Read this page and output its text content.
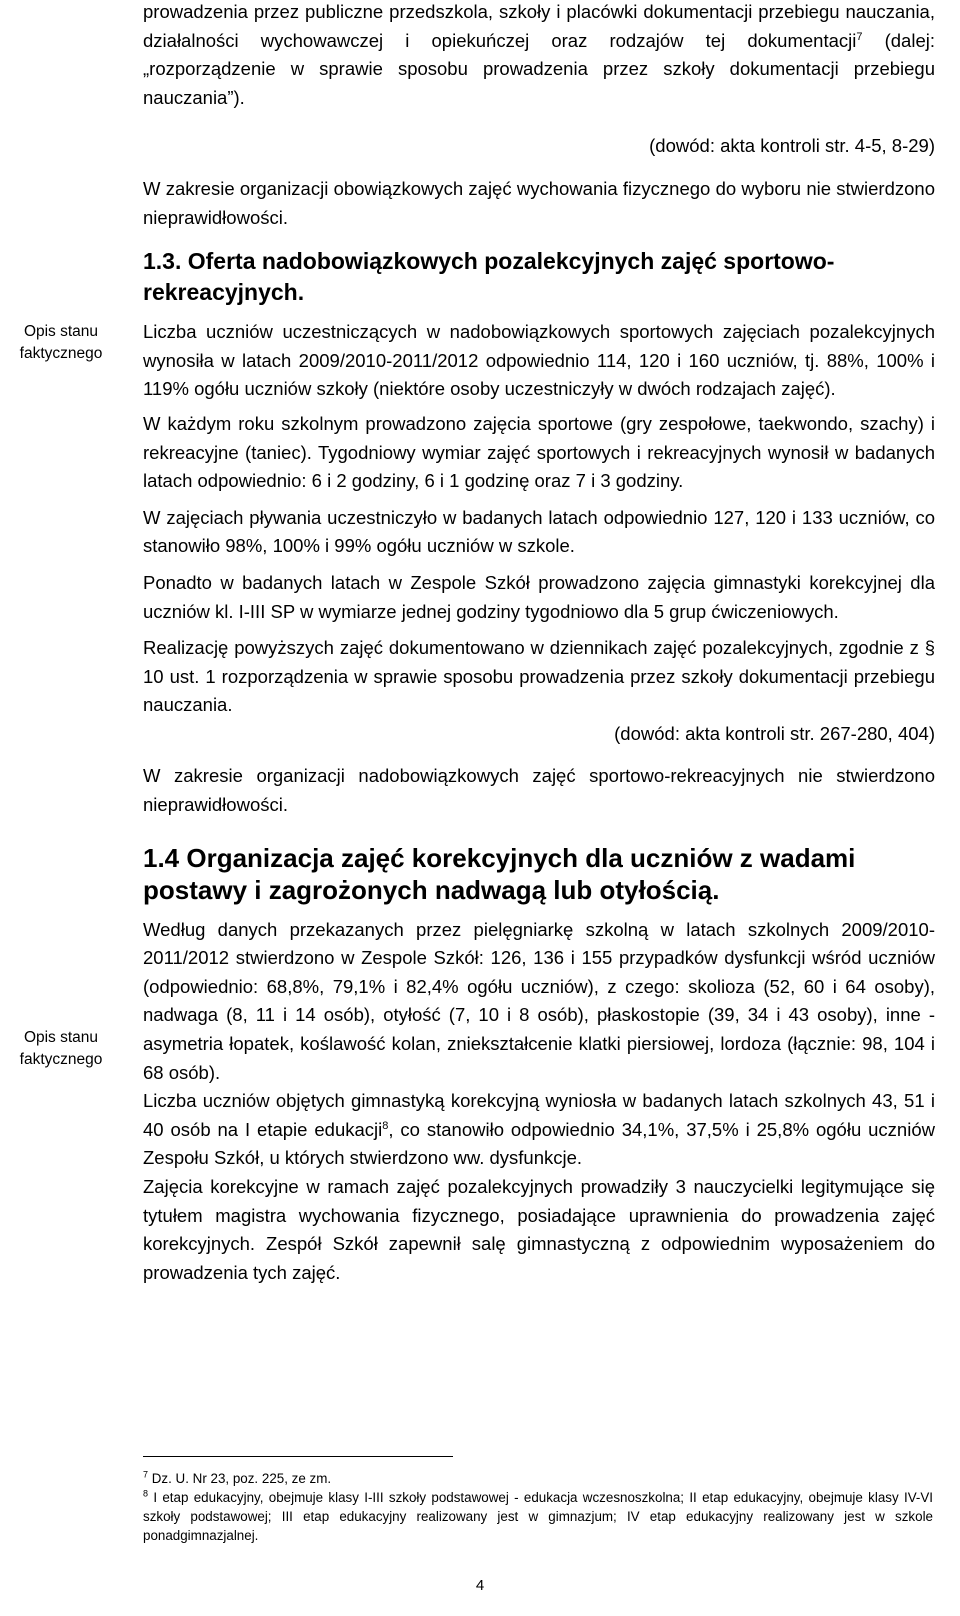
Opis stanu
faktycznego
Opis stanu
faktycznego

prowadzenia przez publiczne przedszkola, szkoły i placówki dokumentacji przebiegu nauczania, działalności wychowawczej i opiekuńczej oraz rodzajów tej dokumentacji$^7$ (dalej: „rozporządzenie w sprawie sposobu prowadzenia przez szkoły dokumentacji przebiegu nauczania”).

(dowód: akta kontroli str. 4-5, 8-29)

W zakresie organizacji obowiązkowych zajęć wychowania fizycznego do wyboru nie stwierdzono nieprawidłowości.

1.3. Oferta nadobowiązkowych pozalekcyjnych zajęć sportowo-rekreacyjnych.

Liczba uczniów uczestniczących w nadobowiązkowych sportowych zajęciach pozalekcyjnych wynosiła w latach 2009/2010-2011/2012 odpowiednio 114, 120 i 160 uczniów, tj. 88%, 100% i 119% ogółu uczniów szkoły (niektóre osoby uczestniczyły w dwóch rodzajach zajęć).

W każdym roku szkolnym prowadzono zajęcia sportowe (gry zespołowe, taekwondo, szachy) i rekreacyjne (taniec). Tygodniowy wymiar zajęć sportowych i rekreacyjnych wynosił w badanych latach odpowiednio: 6 i 2 godziny, 6 i 1 godzinę oraz 7 i 3 godziny.

W zajęciach pływania uczestniczyło w badanych latach odpowiednio 127, 120 i 133 uczniów, co stanowiło 98%, 100% i 99% ogółu uczniów w szkole.

Ponadto w badanych latach w Zespole Szkół prowadzono zajęcia gimnastyki korekcyjnej dla uczniów kl. I-III SP w wymiarze jednej godziny tygodniowo dla 5 grup ćwiczeniowych.

Realizację powyższych zajęć dokumentowano w dziennikach zajęć pozalekcyjnych, zgodnie z § 10 ust. 1 rozporządzenia w sprawie sposobu prowadzenia przez szkoły dokumentacji przebiegu nauczania.

(dowód: akta kontroli str. 267-280, 404)

W zakresie organizacji nadobowiązkowych zajęć sportowo-rekreacyjnych nie stwierdzono nieprawidłowości.

1.4 Organizacja zajęć korekcyjnych dla uczniów z wadami postawy i zagrożonych nadwagą lub otyłością.

Według danych przekazanych przez pielęgniarkę szkolną w latach szkolnych 2009/2010-2011/2012 stwierdzono w Zespole Szkół: 126, 136 i 155 przypadków dysfunkcji wśród uczniów (odpowiednio: 68,8%, 79,1% i 82,4% ogółu uczniów), z czego: skolioza (52, 60 i 64 osoby), nadwaga (8, 11 i 14 osób), otyłość (7, 10 i 8 osób), płaskostopie (39, 34 i 43 osoby), inne - asymetria łopatek, koślawość kolan, zniekształcenie klatki piersiowej, lordoza (łącznie: 98, 104 i 68 osób).

Liczba uczniów objętych gimnastyką korekcyjną wyniosła w badanych latach szkolnych 43, 51 i 40 osób na I etapie edukacji$^8$, co stanowiło odpowiednio 34,1%, 37,5% i 25,8% ogółu uczniów Zespołu Szkół, u których stwierdzono ww. dysfunkcje.

Zajęcia korekcyjne w ramach zajęć pozalekcyjnych prowadziły 3 nauczycielki legitymujące się tytułem magistra wychowania fizycznego, posiadające uprawnienia do prowadzenia zajęć korekcyjnych. Zespół Szkół zapewnił salę gimnastyczną z odpowiednim wyposażeniem do prowadzenia tych zajęć.

$^7$ Dz. U. Nr 23, poz. 225, ze zm.

$^8$ I etap edukacyjny, obejmuje klasy I-III szkoły podstawowej - edukacja wczesnoszkolna; II etap edukacyjny, obejmuje klasy IV-VI szkoły podstawowej; III etap edukacyjny realizowany jest w gimnazjum; IV etap edukacyjny realizowany jest w szkole ponadgimnazjalnej.

4
